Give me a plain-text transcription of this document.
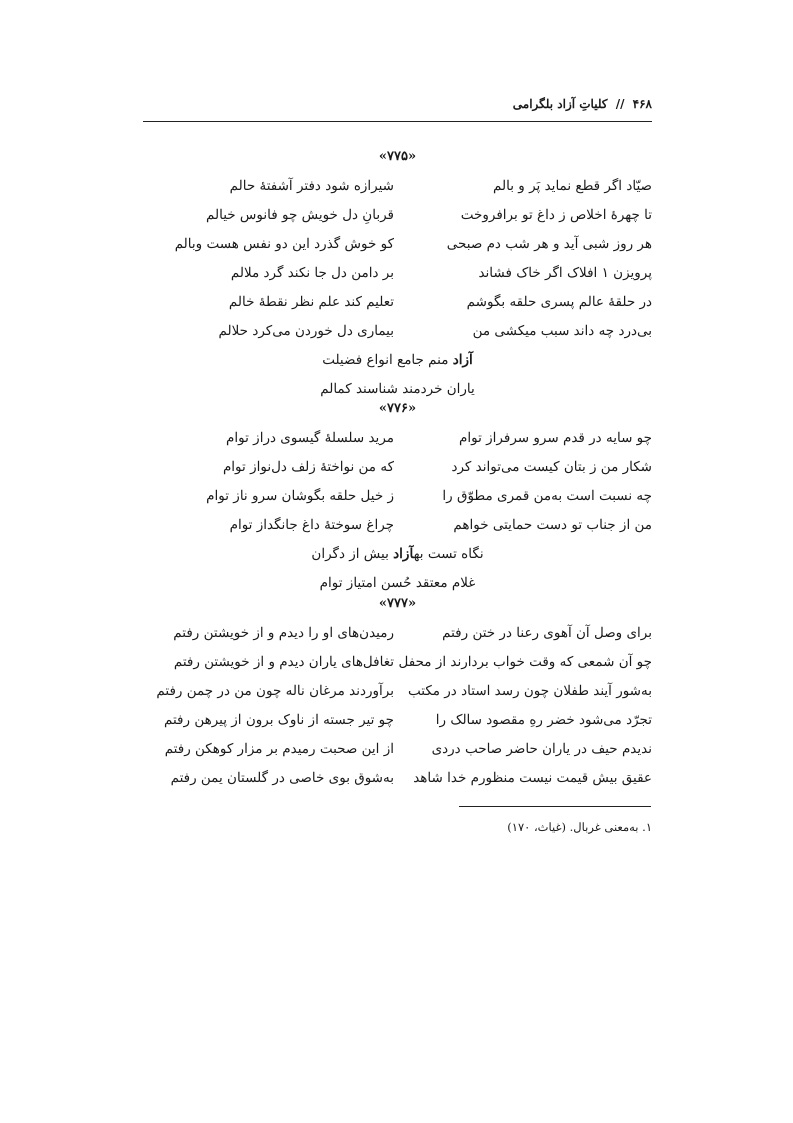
۴۶۸ // کلیاتِ آزاد بلگرامی
«۷۷۵»
صیّاد اگر قطع نماید پَر و بالم
شیرازه شود دفتر آشفتهٔ حالم
تا چهرهٔ اخلاص ز داغ تو برافروخت
قربانِ دل خویش چو فانوس خیالم
هر روز شبی آید و هر شب دم صبحی
کو خوش گذرد این دو نفس هست وبالم
پرویزن ۱ افلاک اگر خاک فشاند
بر دامن دل جا نکند گرد ملالم
در حلقهٔ عالم پسری حلقه بگوشم
تعلیم کند علم نظر نقطهٔ خالم
بی‌درد چه داند سبب میکشی من
بیماری دل خوردن می‌کرد حلالم
آزاد منم جامع انواع فضیلت
یاران خردمند شناسند کمالم
«۷۷۶»
چو سایه در قدم سرو سرفراز توام
مرید سلسلهٔ گیسوی دراز توام
شکار من ز بتان کیست می‌تواند کرد
که من نواختهٔ زلف دل‌نواز توام
چه نسبت است به‌من قمری مطوّق را
ز خیل حلقه بگوشان سرو ناز توام
من از جناب تو دست حمایتی خواهم
چراغ سوختهٔ داغ جانگداز توام
نگاه تست بهآزاد بیش از دگران
غلام معتقد حُسن امتیاز توام
«۷۷۷»
برای وصل آن آهوی رعنا در ختن رفتم
رمیدن‌های او را دیدم و از خویشتن رفتم
چو آن شمعی که وقت خواب بردارند از محفل
تغافل‌های یاران دیدم و از خویشتن رفتم
به‌شور آیند طفلان چون رسد استاد در مکتب
برآوردند مرغان ناله چون من در چمن رفتم
تجرّد می‌شود خضر رهِ مقصود سالک را
چو تیر جسته از ناوک برون از پیرهن رفتم
ندیدم حیف در یاران حاضر صاحب دردی
از این صحبت رمیدم بر مزار کوهکن رفتم
عقیق بیش قیمت نیست منظورم خدا شاهد
به‌شوق بوی خاصی در گلستان یمن رفتم
۱. به‌معنی غربال. (غیاث، ۱۷۰)
